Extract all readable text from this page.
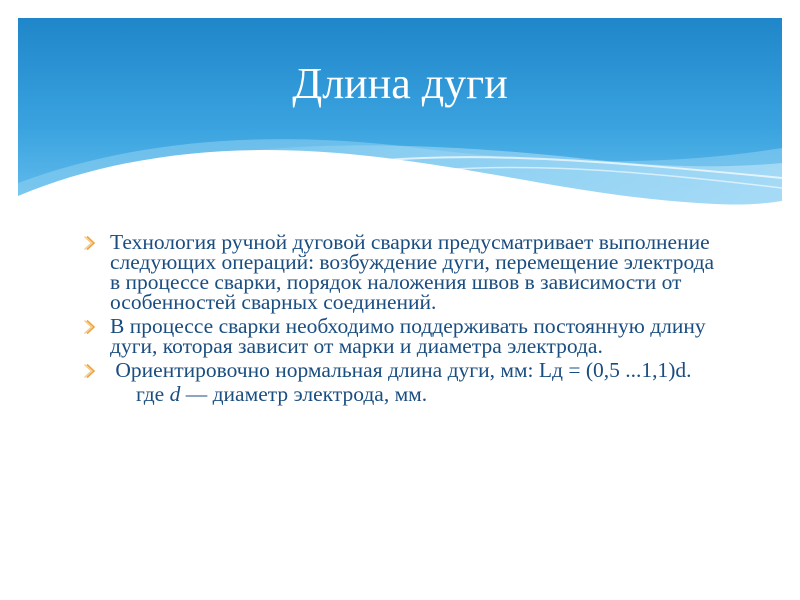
Длина дуги
Технология ручной дуговой сварки предусматривает выполнение следующих операций: возбуждение дуги, перемещение электрода в процессе сварки, порядок наложения швов в зависимости от особенностей сварных соединений.
В процессе сварки необходимо поддерживать постоянную длину дуги, которая зависит от марки и диаметра электрода.
Ориентировочно нормальная длина дуги, мм: Lд = (0,5 ...1,1)d.
где d — диаметр электрода, мм.
